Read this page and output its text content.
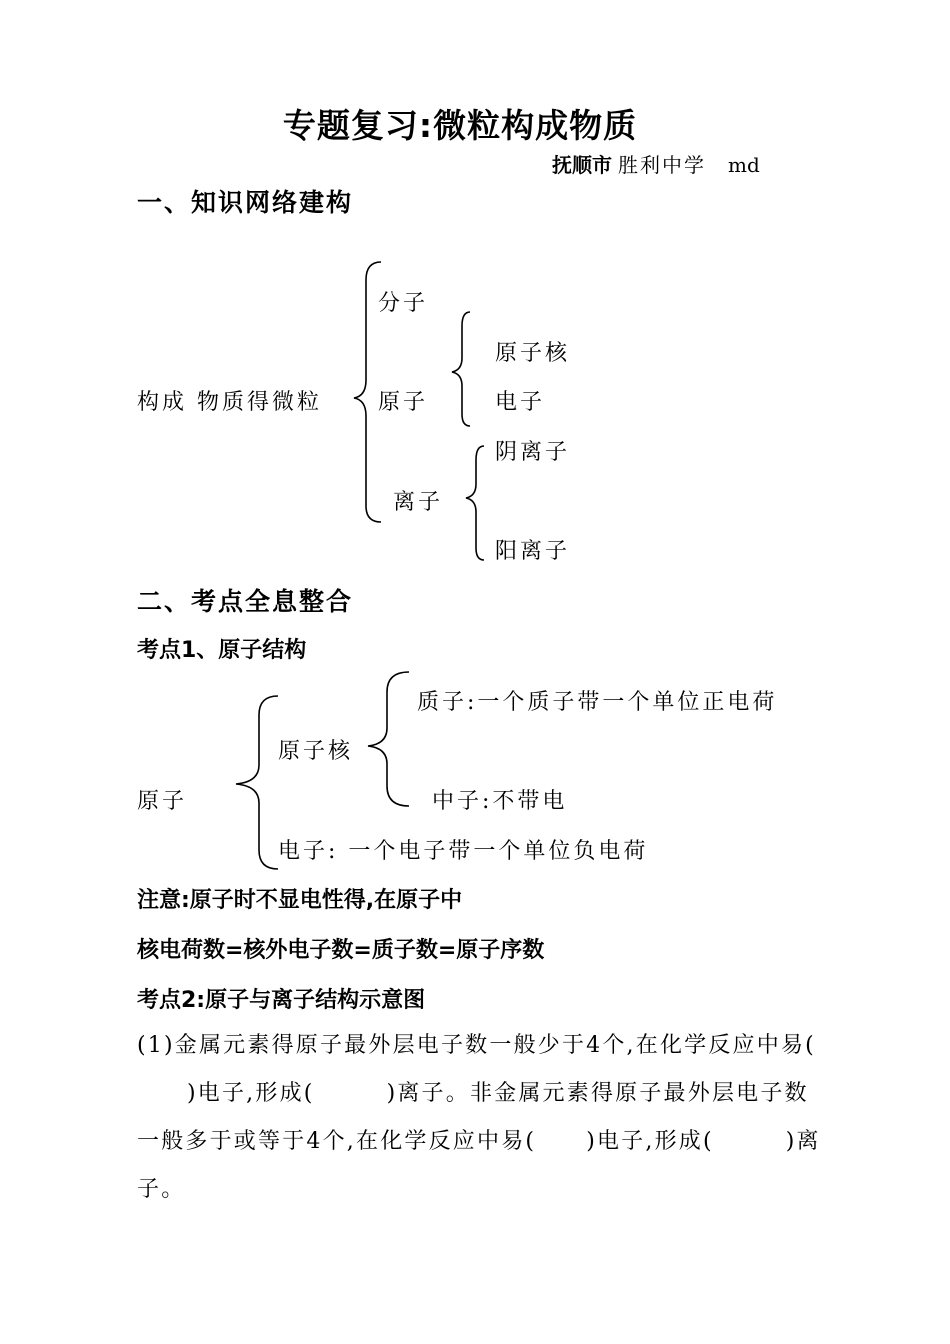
专题复习:微粒构成物质
抚顺市 胜利中学 md
一、知识网络建构
构成 物质得微粒
分子
原子
原子核
电子
离子
阴离子
阳离子
二、考点全息整合
考点1、原子结构
原子
原子核
质子:一个质子带一个单位正电荷
中子:不带电
电子: 一个电子带一个单位负电荷
注意:原子时不显电性得,在原子中
核电荷数=核外电子数=质子数=原子序数
考点2:原子与离子结构示意图
(1)金属元素得原子最外层电子数一般少于4个,在化学反应中易()电子,形成(	)离子。非金属元素得原子最外层电子数一般多于或等于4个,在化学反应中易( )电子,形成(	)离子。
